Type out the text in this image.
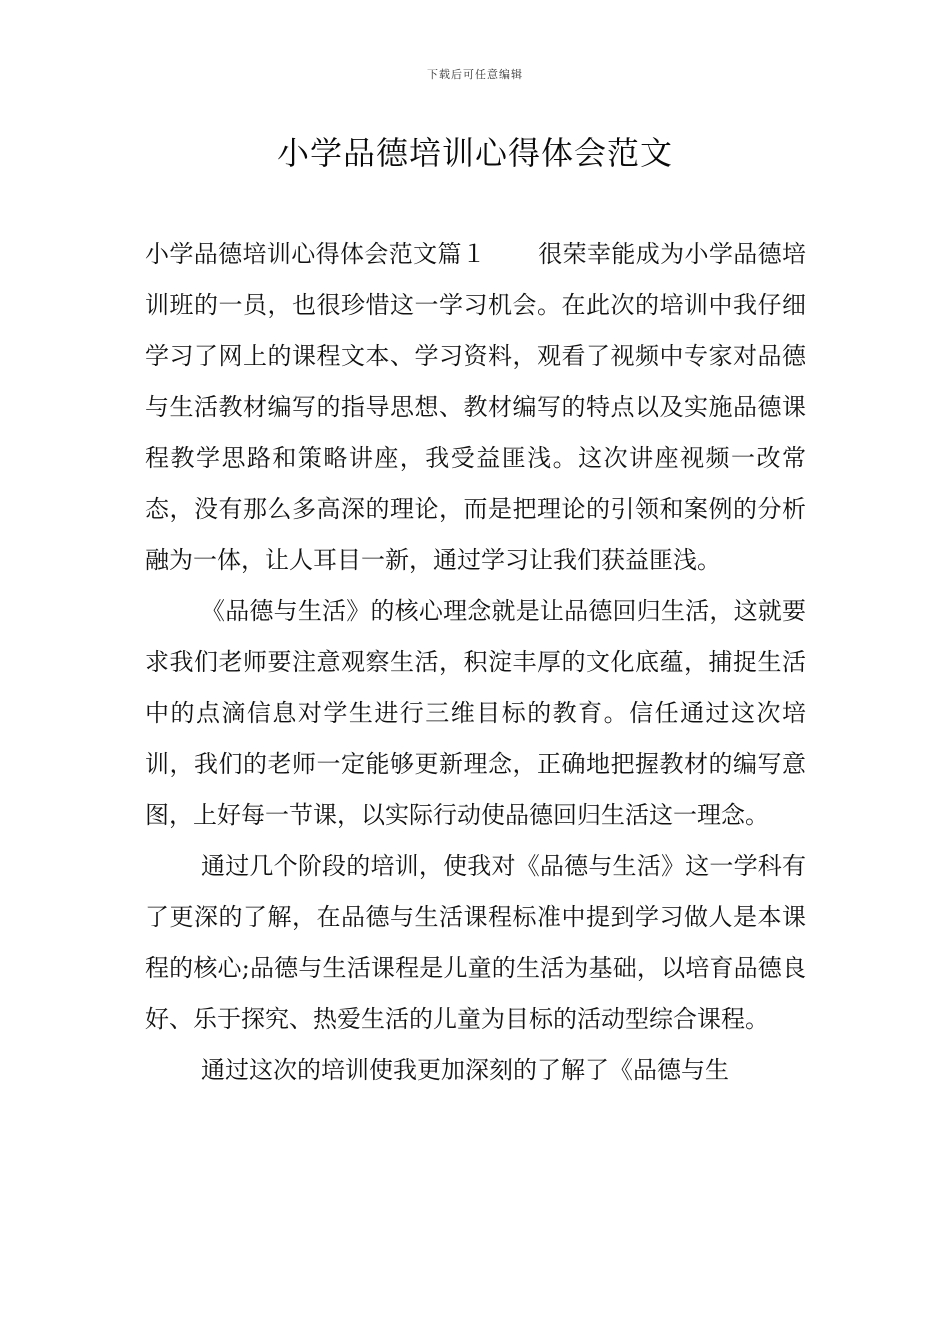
下载后可任意编辑
小学品德培训心得体会范文

小学品德培训心得体会范文篇１ 很荣幸能成为小学品德培训班的一员，也很珍惜这一学习机会。在此次的培训中我仔细学习了网上的课程文本、学习资料，观看了视频中专家对品德与生活教材编写的指导思想、教材编写的特点以及实施品德课程教学思路和策略讲座，我受益匪浅。这次讲座视频一改常态，没有那么多高深的理论，而是把理论的引领和案例的分析融为一体，让人耳目一新，通过学习让我们获益匪浅。

《品德与生活》的核心理念就是让品德回归生活，这就要求我们老师要注意观察生活，积淀丰厚的文化底蕴，捕捉生活中的点滴信息对学生进行三维目标的教育。信任通过这次培训，我们的老师一定能够更新理念，正确地把握教材的编写意图，上好每一节课，以实际行动使品德回归生活这一理念。

通过几个阶段的培训，使我对《品德与生活》这一学科有了更深的了解，在品德与生活课程标准中提到学习做人是本课程的核心;品德与生活课程是儿童的生活为基础，以培育品德良好、乐于探究、热爱生活的儿童为目标的活动型综合课程。

通过这次的培训使我更加深刻的了解了《品德与生
